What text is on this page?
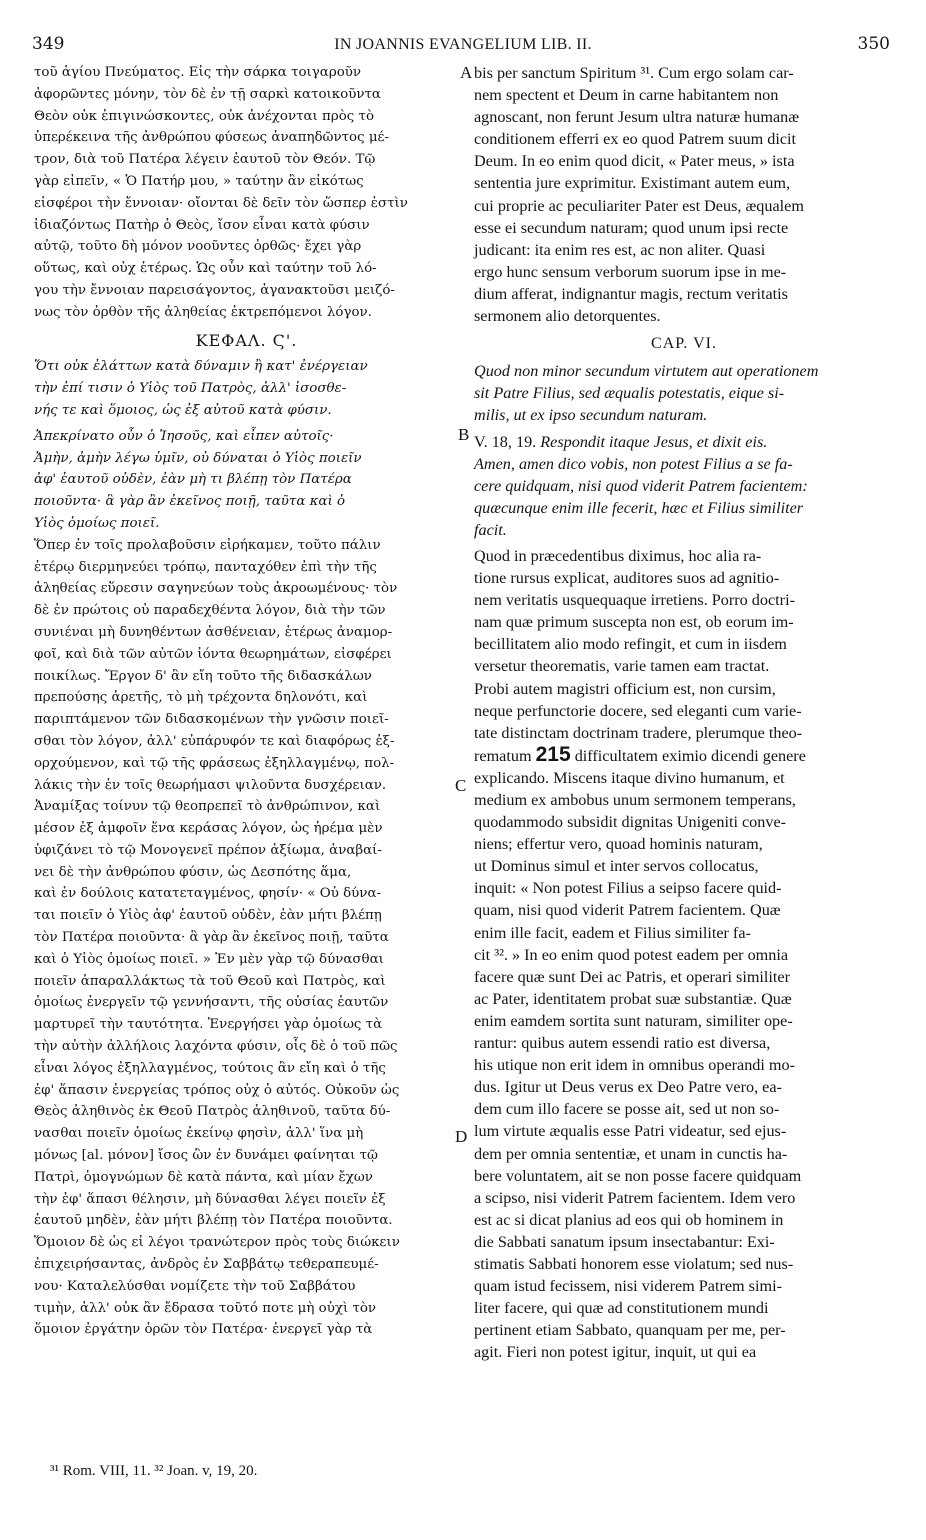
349	IN JOANNIS EVANGELIUM LIB. II.	350

τοῦ ἁγίου Πνεύματος. Εἰς τὴν σάρκα τοιγαροῦν
ἀφορῶντες μόνην, τὸν δὲ ἐν τῇ σαρκὶ κατοικοῦντα
Θεὸν οὐκ ἐπιγινώσκοντες, οὐκ ἀνέχονται πρὸς τὸ
ὑπερέκεινα τῆς ἀνθρώπου φύσεως ἀναπηδῶντος μέ-
τρον, διὰ τοῦ Πατέρα λέγειν ἑαυτοῦ τὸν Θεόν. Τῷ
γὰρ εἰπεῖν, « Ὁ Πατήρ μου, » ταύτην ἂν εἰκότως
εἰσφέροι τὴν ἔννοιαν· οἴονται δὲ δεῖν τὸν ὥσπερ ἐστὶν
ἰδιαζόντως Πατὴρ ὁ Θεὸς, ἴσον εἶναι κατὰ φύσιν
αὐτῷ, τοῦτο δὴ μόνον νοοῦντες ὀρθῶς· ἔχει γὰρ
οὕτως, καὶ οὐχ ἑτέρως. Ὡς οὖν καὶ ταύτην τοῦ λό-
γου τὴν ἔννοιαν παρεισάγοντος, ἀγανακτοῦσι μειζό-
νως τὸν ὀρθὸν τῆς ἀληθείας ἐκτρεπόμενοι λόγον.

ΚΕΦΑΛ. Ϛ'.

Ὅτι οὐκ ἐλάττων κατὰ δύναμιν ἢ κατ' ἐνέργειαν
τὴν ἐπί τισιν ὁ Υἱὸς τοῦ Πατρὸς, ἀλλ' ἰσοσθε-
νής τε καὶ ὅμοιος, ὡς ἐξ αὐτοῦ κατὰ φύσιν.

Ἀπεκρίνατο οὖν ὁ Ἰησοῦς, καὶ εἶπεν αὐτοῖς·
Ἀμὴν, ἀμὴν λέγω ὑμῖν, οὐ δύναται ὁ Υἱὸς ποιεῖν
ἀφ' ἑαυτοῦ οὐδὲν, ἐὰν μὴ τι βλέπῃ τὸν Πατέρα
ποιοῦντα· ἃ γὰρ ἂν ἐκεῖνος ποιῇ, ταῦτα καὶ ὁ
Υἱὸς ὁμοίως ποιεῖ.

Ὅπερ ἐν τοῖς προλαβοῦσιν εἰρήκαμεν, τοῦτο πάλιν
ἑτέρῳ διερμηνεύει τρόπῳ, πανταχόθεν ἐπὶ τὴν τῆς
ἀληθείας εὕρεσιν σαγηνεύων τοὺς ἀκροωμένους· τὸν
δὲ ἐν πρώτοις οὐ παραδεχθέντα λόγον, διὰ τὴν τῶν
συνιέναι μὴ δυνηθέντων ἀσθένειαν, ἑτέρως ἀναμορ-
φοῖ, καὶ διὰ τῶν αὐτῶν ἰόντα θεωρημάτων, εἰσφέρει
ποικίλως. Ἔργον δ' ἂν εἴη τοῦτο τῆς διδασκάλων
πρεπούσης ἀρετῆς, τὸ μὴ τρέχοντα δηλονότι, καὶ
παριπτάμενον τῶν διδασκομένων τὴν γνῶσιν ποιεῖ-
σθαι τὸν λόγον, ἀλλ' εὐπάρυφόν τε καὶ διαφόρως ἐξ-
ορχούμενον, καὶ τῷ τῆς φράσεως ἐξηλλαγμένῳ, πολ-
λάκις τὴν ἐν τοῖς θεωρήμασι ψιλοῦντα δυσχέρειαν.
Ἀναμίξας τοίνυν τῷ θεοπρεπεῖ τὸ ἀνθρώπινον, καὶ
μέσον ἐξ ἀμφοῖν ἕνα κεράσας λόγον, ὡς ἠρέμα μὲν
ὑφιζάνει τὸ τῷ Μονογενεῖ πρέπον ἀξίωμα, ἀναβαί-
νει δὲ τὴν ἀνθρώπου φύσιν, ὡς Δεσπότης ἅμα,
καὶ ἐν δούλοις κατατεταγμένος, φησίν· « Οὐ δύνα-
ται ποιεῖν ὁ Υἱὸς ἀφ' ἑαυτοῦ οὐδὲν, ἐὰν μήτι βλέπῃ
τὸν Πατέρα ποιοῦντα· ἃ γὰρ ἂν ἐκεῖνος ποιῇ, ταῦτα
καὶ ὁ Υἱὸς ὁμοίως ποιεῖ. » Ἐν μὲν γὰρ τῷ δύνασθαι
ποιεῖν ἀπαραλλάκτως τὰ τοῦ Θεοῦ καὶ Πατρὸς, καὶ
ὁμοίως ἐνεργεῖν τῷ γεννήσαντι, τῆς οὐσίας ἑαυτῶν
μαρτυρεῖ τὴν ταυτότητα. Ἐνεργήσει γὰρ ὁμοίως τὰ
τὴν αὐτὴν ἀλλήλοις λαχόντα φύσιν, οἷς δὲ ὁ τοῦ πῶς
εἶναι λόγος ἐξηλλαγμένος, τούτοις ἂν εἴη καὶ ὁ τῆς
ἐφ' ἅπασιν ἐνεργείας τρόπος οὐχ ὁ αὐτός. Οὐκοῦν ὡς
Θεὸς ἀληθινὸς ἐκ Θεοῦ Πατρὸς ἀληθινοῦ, ταῦτα δύ-
νασθαι ποιεῖν ὁμοίως ἐκείνῳ φησὶν, ἀλλ' ἵνα μὴ
μόνως [al. μόνον] ἴσος ὢν ἐν δυνάμει φαίνηται τῷ
Πατρὶ, ὁμογνώμων δὲ κατὰ πάντα, καὶ μίαν ἔχων
τὴν ἐφ' ἅπασι θέλησιν, μὴ δύνασθαι λέγει ποιεῖν ἐξ
ἑαυτοῦ μηδὲν, ἐὰν μήτι βλέπῃ τὸν Πατέρα ποιοῦντα.
Ὅμοιον δὲ ὡς εἰ λέγοι τρανώτερον πρὸς τοὺς διώκειν
ἐπιχειρήσαντας, ἀνδρὸς ἐν Σαββάτῳ τεθεραπευμέ-
νου· Καταλελύσθαι νομίζετε τὴν τοῦ Σαββάτου
τιμὴν, ἀλλ' οὐκ ἂν ἔδρασα τοῦτό ποτε μὴ οὐχὶ τὸν
ὅμοιον ἐργάτην ὁρῶν τὸν Πατέρα· ἐνεργεῖ γὰρ τὰ

bis per sanctum Spiritum ³¹. Cum ergo solam car-
nem spectent et Deum in carne habitantem non
agnoscant, non ferunt Jesum ultra naturæ humanæ
conditionem efferri ex eo quod Patrem suum dicit
Deum. In eo enim quod dicit, « Pater meus, » ista
sententia jure exprimitur. Existimant autem eum,
cui proprie ac peculiariter Pater est Deus, æqualem
esse ei secundum naturam; quod unum ipsi recte
judicant: ita enim res est, ac non aliter. Quasi
ergo hunc sensum verborum suorum ipse in me-
dium afferat, indignantur magis, rectum veritatis
sermonem alio detorquentes.

CAP. VI.

Quod non minor secundum virtutem aut operationem
sit Patre Filius, sed æqualis potestatis, eique si-
milis, ut ex ipso secundum naturam.

V. 18, 19. Respondit itaque Jesus, et dixit eis.
Amen, amen dico vobis, non potest Filius a se fa-
cere quidquam, nisi quod viderit Patrem facientem:
quæcunque enim ille fecerit, hæc et Filius similiter
facit.

Quod in præcedentibus diximus, hoc alia ra-
tione rursus explicat, auditores suos ad agnitio-
nem veritatis usquequaque irretiens. Porro doctri-
nam quæ primum suscepta non est, ob eorum im-
becillitatem alio modo refingit, et cum in iisdem
versetur theorematis, varie tamen eam tractat.
Probi autem magistri officium est, non cursim,
neque perfunctorie docere, sed eleganti cum varie-
tate distinctam doctrinam tradere, plerumque theo-
rematum 215 difficultatem eximio dicendi genere
explicando. Miscens itaque divino humanum, et
medium ex ambobus unum sermonem temperans,
quodammodo subsidit dignitas Unigeniti conve-
niens; effertur vero, quoad hominis naturam,
ut Dominus simul et inter servos collocatus,
inquit: « Non potest Filius a seipso facere quid-
quam, nisi quod viderit Patrem facientem. Quæ
enim ille facit, eadem et Filius similiter fa-
cit ³². » In eo enim quod potest eadem per omnia
facere quæ sunt Dei ac Patris, et operari similiter
ac Pater, identitatem probat suæ substantiæ. Quæ
enim eamdem sortita sunt naturam, similiter ope-
rantur: quibus autem essendi ratio est diversa,
his utique non erit idem in omnibus operandi mo-
dus. Igitur ut Deus verus ex Deo Patre vero, ea-
dem cum illo facere se posse ait, sed ut non so-
lum virtute æqualis esse Patri videatur, sed ejus-
dem per omnia sententiæ, et unam in cunctis ha-
bere voluntatem, ait se non posse facere quidquam
a scipso, nisi viderit Patrem facientem. Idem vero
est ac si dicat planius ad eos qui ob hominem in
die Sabbati sanatum ipsum insectabantur: Exi-
stimatis Sabbati honorem esse violatum; sed nus-
quam istud fecissem, nisi viderem Patrem simi-
liter facere, qui quæ ad constitutionem mundi
pertinent etiam Sabbato, quanquam per me, per-
agit. Fieri non potest igitur, inquit, ut qui ea

A
B
C
D
³¹ Rom. VIII, 11. ³² Joan. v, 19, 20.
